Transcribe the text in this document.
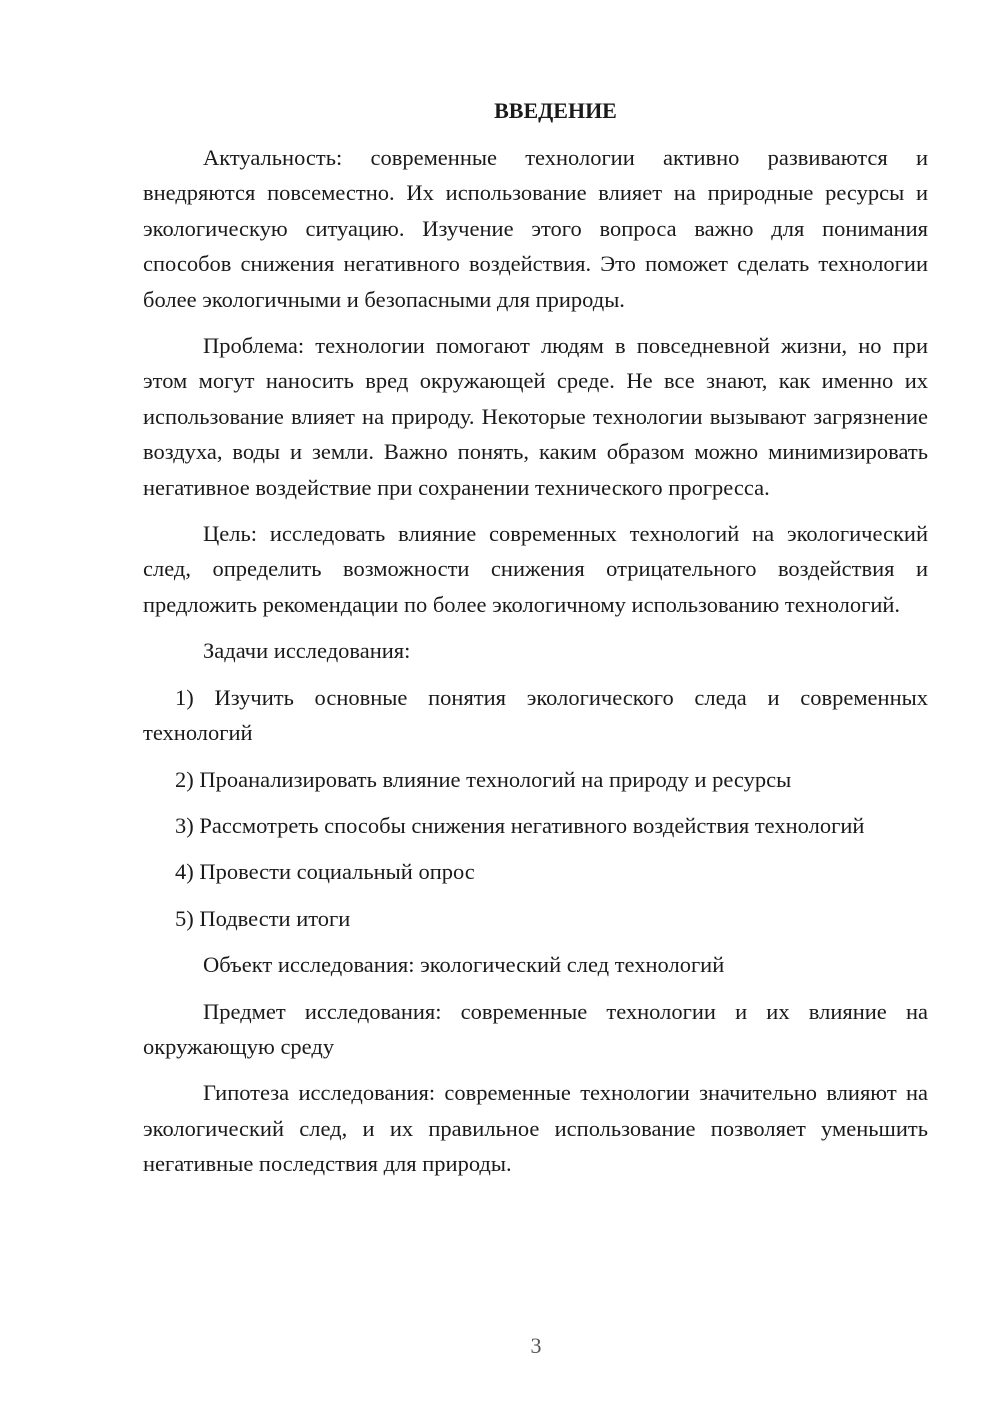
ВВЕДЕНИЕ

Актуальность: современные технологии активно развиваются и внедряются повсеместно. Их использование влияет на природные ресурсы и экологическую ситуацию. Изучение этого вопроса важно для понимания способов снижения негативного воздействия. Это поможет сделать технологии более экологичными и безопасными для природы.

Проблема: технологии помогают людям в повседневной жизни, но при этом могут наносить вред окружающей среде. Не все знают, как именно их использование влияет на природу. Некоторые технологии вызывают загрязнение воздуха, воды и земли. Важно понять, каким образом можно минимизировать негативное воздействие при сохранении технического прогресса.

Цель: исследовать влияние современных технологий на экологический след, определить возможности снижения отрицательного воздействия и предложить рекомендации по более экологичному использованию технологий.

Задачи исследования:

1) Изучить основные понятия экологического следа и современных технологий

2) Проанализировать влияние технологий на природу и ресурсы

3) Рассмотреть способы снижения негативного воздействия технологий

4) Провести социальный опрос

5) Подвести итоги

Объект исследования: экологический след технологий

Предмет исследования: современные технологии и их влияние на окружающую среду

Гипотеза исследования: современные технологии значительно влияют на экологический след, и их правильное использование позволяет уменьшить негативные последствия для природы.

3
